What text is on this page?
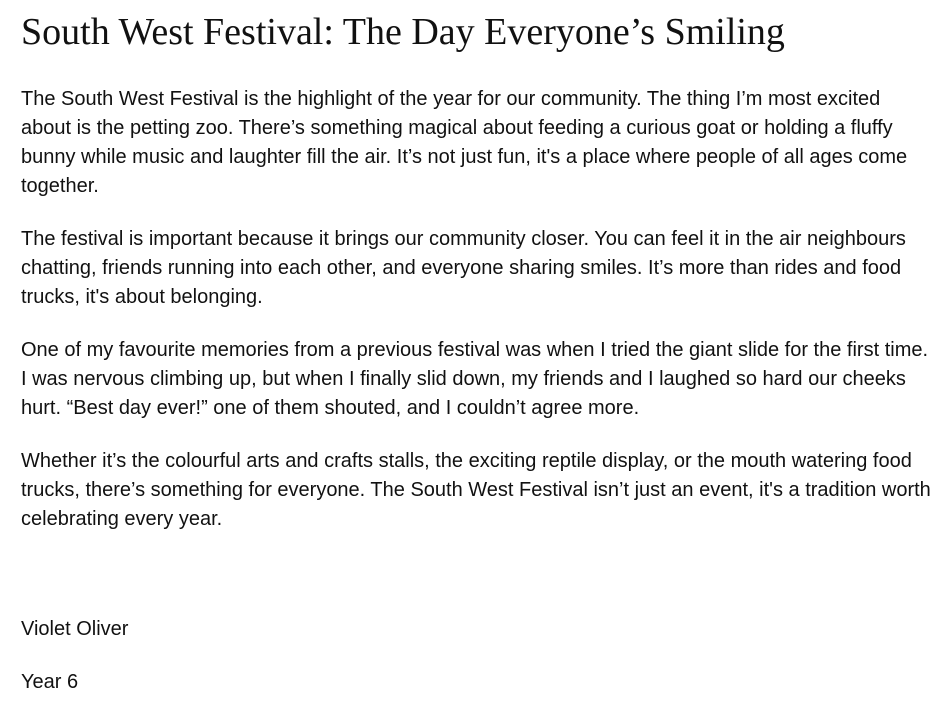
South West Festival: The Day Everyone’s Smiling

The South West Festival is the highlight of the year for our community. The thing I’m most excited about is the petting zoo. There’s something magical about feeding a curious goat or holding a fluffy bunny while music and laughter fill the air. It’s not just fun, it's a place where people of all ages come together.

The festival is important because it brings our community closer. You can feel it in the air neighbours chatting, friends running into each other, and everyone sharing smiles. It’s more than rides and food trucks, it's about belonging.

One of my favourite memories from a previous festival was when I tried the giant slide for the first time. I was nervous climbing up, but when I finally slid down, my friends and I laughed so hard our cheeks hurt. “Best day ever!” one of them shouted, and I couldn’t agree more.

Whether it’s the colourful arts and crafts stalls, the exciting reptile display, or the mouth watering food trucks, there’s something for everyone. The South West Festival isn’t just an event, it's a tradition worth celebrating every year.

Violet Oliver

Year 6
